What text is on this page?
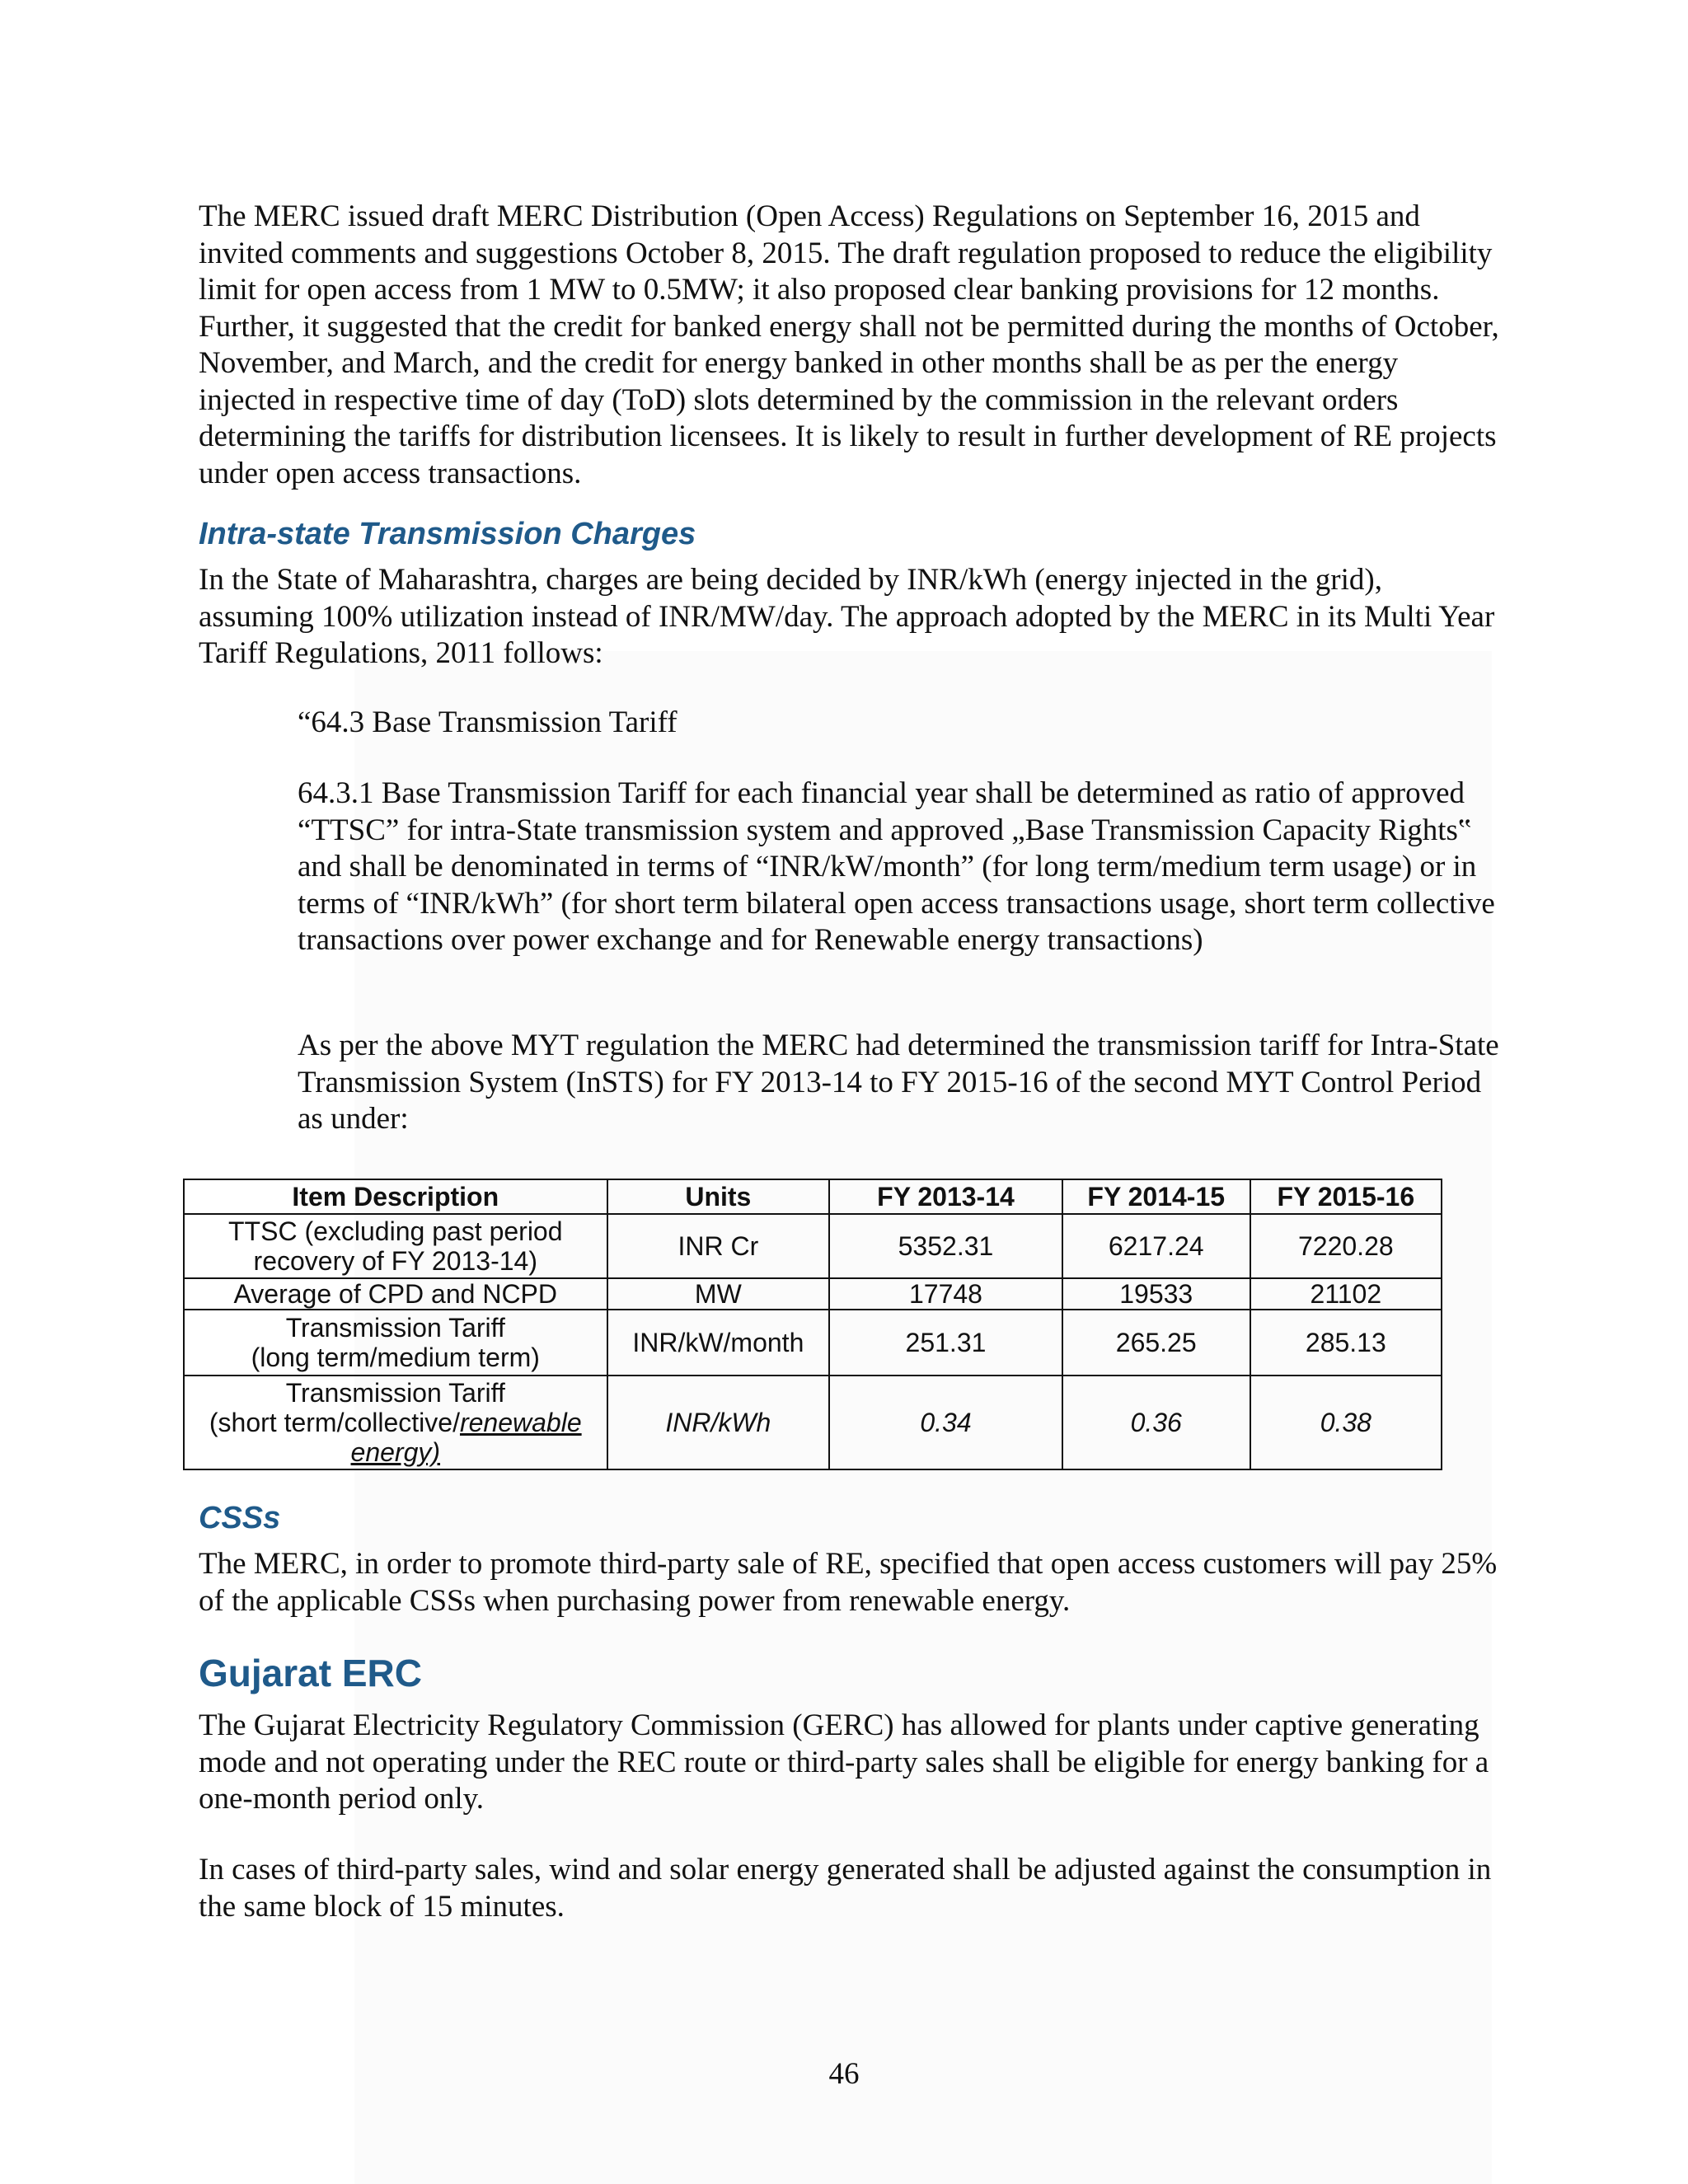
The MERC issued draft MERC Distribution (Open Access) Regulations on September 16, 2015 and invited comments and suggestions October 8, 2015. The draft regulation proposed to reduce the eligibility limit for open access from 1 MW to 0.5MW; it also proposed clear banking provisions for 12 months. Further, it suggested that the credit for banked energy shall not be permitted during the months of October, November, and March, and the credit for energy banked in other months shall be as per the energy injected in respective time of day (ToD) slots determined by the commission in the relevant orders determining the tariffs for distribution licensees. It is likely to result in further development of RE projects under open access transactions.

Intra-state Transmission Charges

In the State of Maharashtra, charges are being decided by INR/kWh (energy injected in the grid), assuming 100% utilization instead of INR/MW/day. The approach adopted by the MERC in its Multi Year Tariff Regulations, 2011 follows:

“64.3 Base Transmission Tariff

64.3.1 Base Transmission Tariff for each financial year shall be determined as ratio of approved “TTSC” for intra-State transmission system and approved „Base Transmission Capacity Rights‟ and shall be denominated in terms of “INR/kW/month” (for long term/medium term usage) or in terms of “INR/kWh” (for short term bilateral open access transactions usage, short term collective transactions over power exchange and for Renewable energy transactions)

As per the above MYT regulation the MERC had determined the transmission tariff for Intra-State Transmission System (InSTS) for FY 2013-14 to FY 2015-16 of the second MYT Control Period as under:

Item Description	Units	FY 2013-14	FY 2014-15	FY 2015-16
TTSC (excluding past period recovery of FY 2013-14)	INR Cr	5352.31	6217.24	7220.28
Average of CPD and NCPD	MW	17748	19533	21102

Transmission Tariff
(long term/medium term)	INR/kW/month	251.31	265.25	285.13

Transmission Tariff
(short term/collective/renewable energy)	INR/kWh	0.34	0.36	0.38
CSSs

The MERC, in order to promote third-party sale of RE, specified that open access customers will pay 25% of the applicable CSSs when purchasing power from renewable energy.

Gujarat ERC

The Gujarat Electricity Regulatory Commission (GERC) has allowed for plants under captive generating mode and not operating under the REC route or third-party sales shall be eligible for energy banking for a one-month period only.

In cases of third-party sales, wind and solar energy generated shall be adjusted against the consumption in the same block of 15 minutes.

46
